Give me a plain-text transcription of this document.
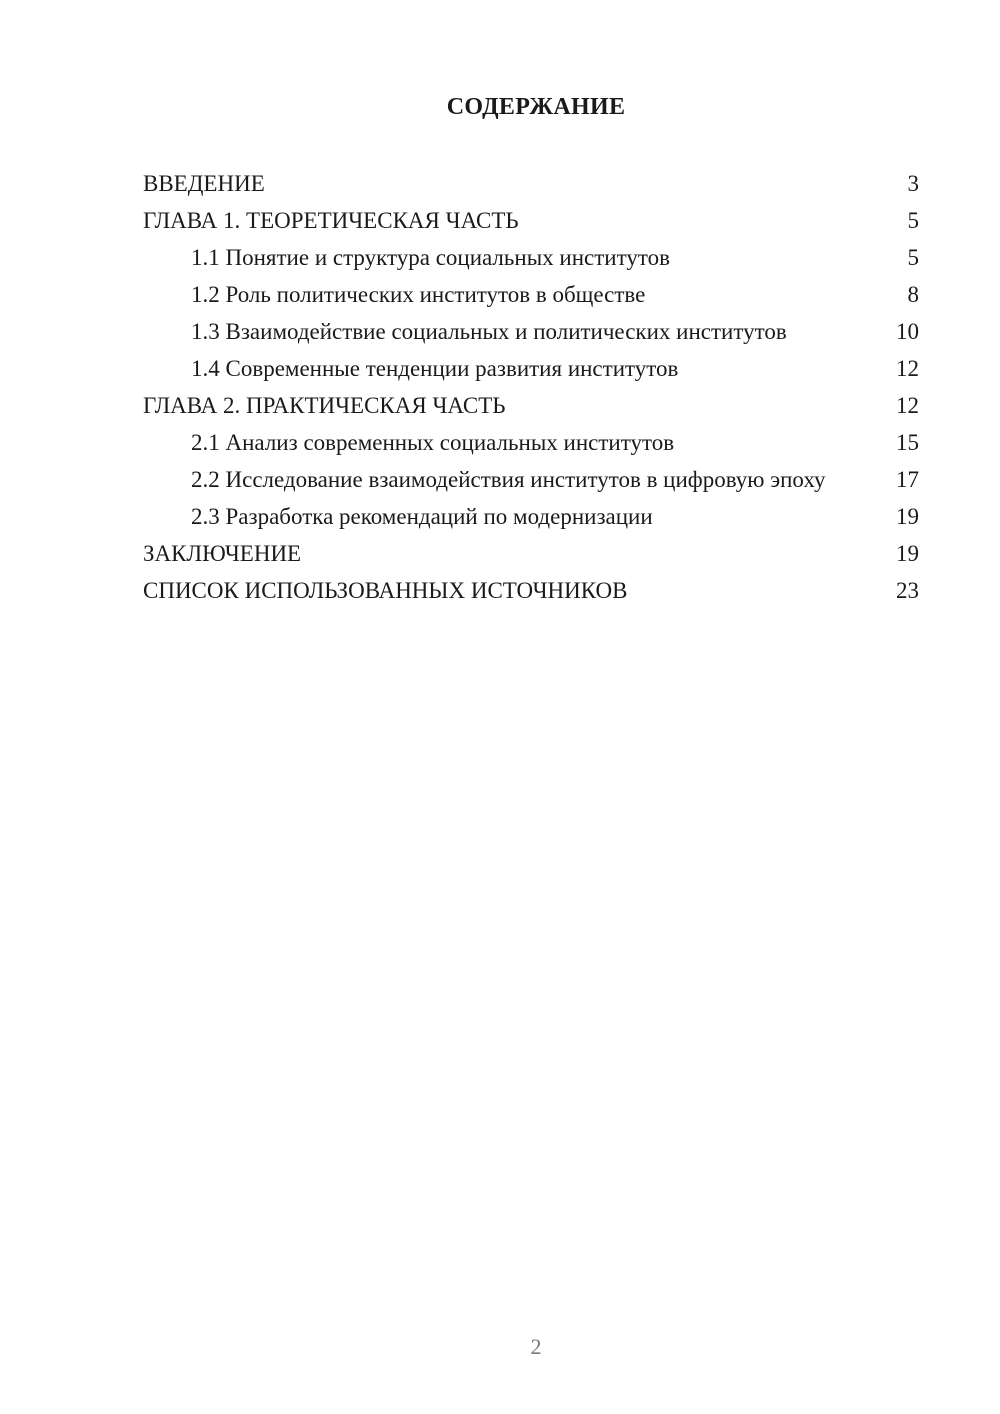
СОДЕРЖАНИЕ
ВВЕДЕНИЕ	3
ГЛАВА 1. ТЕОРЕТИЧЕСКАЯ ЧАСТЬ	5
1.1 Понятие и структура социальных институтов	5
1.2 Роль политических институтов в обществе	8
1.3 Взаимодействие социальных и политических институтов	10
1.4 Современные тенденции развития институтов	12
ГЛАВА 2. ПРАКТИЧЕСКАЯ ЧАСТЬ	12
2.1 Анализ современных социальных институтов	15
2.2 Исследование взаимодействия институтов в цифровую эпоху	17
2.3 Разработка рекомендаций по модернизации	19
ЗАКЛЮЧЕНИЕ	19
СПИСОК ИСПОЛЬЗОВАННЫХ ИСТОЧНИКОВ	23
2
